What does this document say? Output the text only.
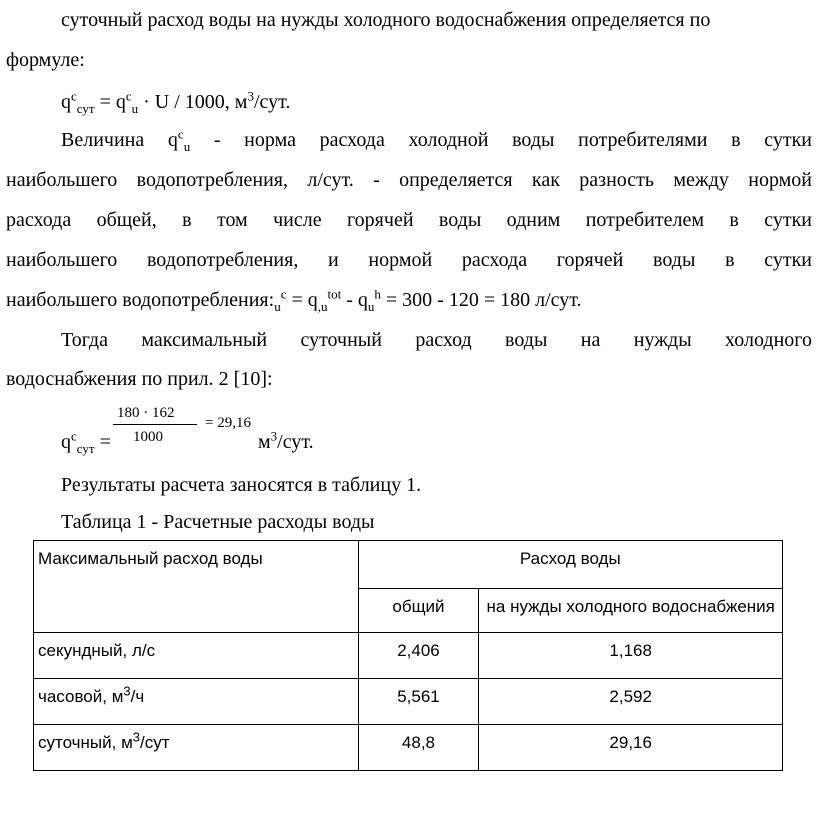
суточный расход воды на нужды холодного водоснабжения определяется по
формуле:
$q^c_{сут} = q^c_u \cdot U / 1000$, $м^3$/сут.
Величина $q^c_u$ - норма расхода холодной воды потребителями в сутки
наибольшего водопотребления, л/сут. - определяется как разность между нормой
расхода общей, в том числе горячей воды одним потребителем в сутки
наибольшего водопотребления, и нормой расхода горячей воды в сутки
наибольшего $водопотребления:_u^c = q_{,u}^{tot} - q_u^h = 300 - 120 = 180$ л/сут.
Тогда максимальный суточный расход воды на нужды холодного
водоснабжения по прил. 2 [10]:
180 · 162
1000
= 29,16
$q^c_{сут}$ =	$м^3$/сут.
Результаты расчета заносятся в таблицу 1.
Таблица 1 - Расчетные расходы воды
Максимальный расход воды	Расход воды	
	общий	на нужды холодного водоснабжения
секундный, л/с	2,406	1,168
часовой, $м^3/ч$	5,561	2,592
суточный, $м^3$/сут	48,8	29,16
